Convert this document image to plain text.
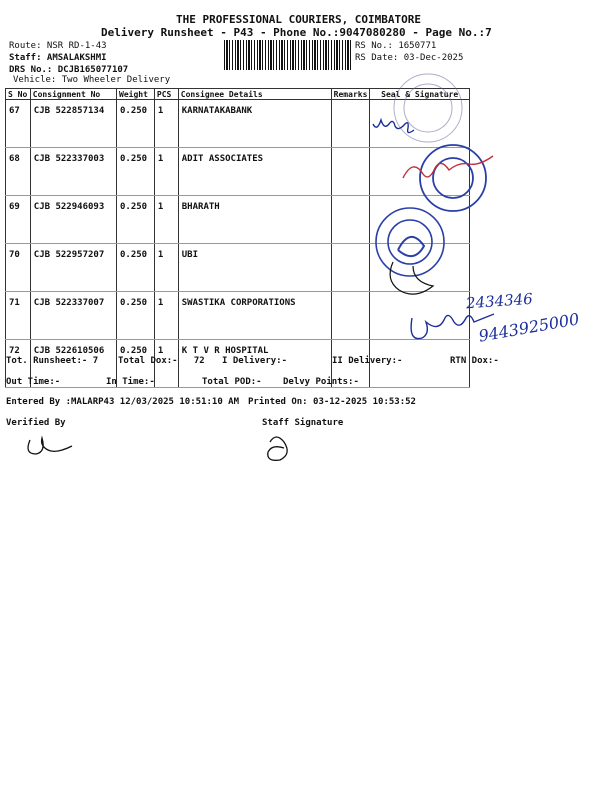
THE PROFESSIONAL COURIERS, COIMBATORE
Delivery Runsheet - P43 - Phone No.:9047080280 - Page No.:7
Route: NSR RD-1-43
Staff: AMSALAKSHMI
DRS No.: DCJB165077107
Vehicle: Two Wheeler Delivery
RS No.: 1650771
RS Date: 03-Dec-2025
S No	Consignment No	Weight	PCS	Consignee Details	Remarks	Seal & Signature
67	CJB 522857134	0.250	1	KARNATAKABANK		
68	CJB 522337003	0.250	1	ADIT ASSOCIATES		
69	CJB 522946093	0.250	1	BHARATH		
70	CJB 522957207	0.250	1	UBI		
71	CJB 522337007	0.250	1	SWASTIKA CORPORATIONS		
72	CJB 522610506	0.250	1	K T V R HOSPITAL		
2434346
9443925000
Tot. Runsheet:- 7 Total Dox:-   72 I Delivery:-	II Delivery:-	RTN Dox:-
Out Time:-	In Time:-	Total POD:- Delvy Points:-
Entered By :MALARP43 12/03/2025 10:51:10 AM Printed On: 03-12-2025 10:53:52
Verified By	Staff Signature
